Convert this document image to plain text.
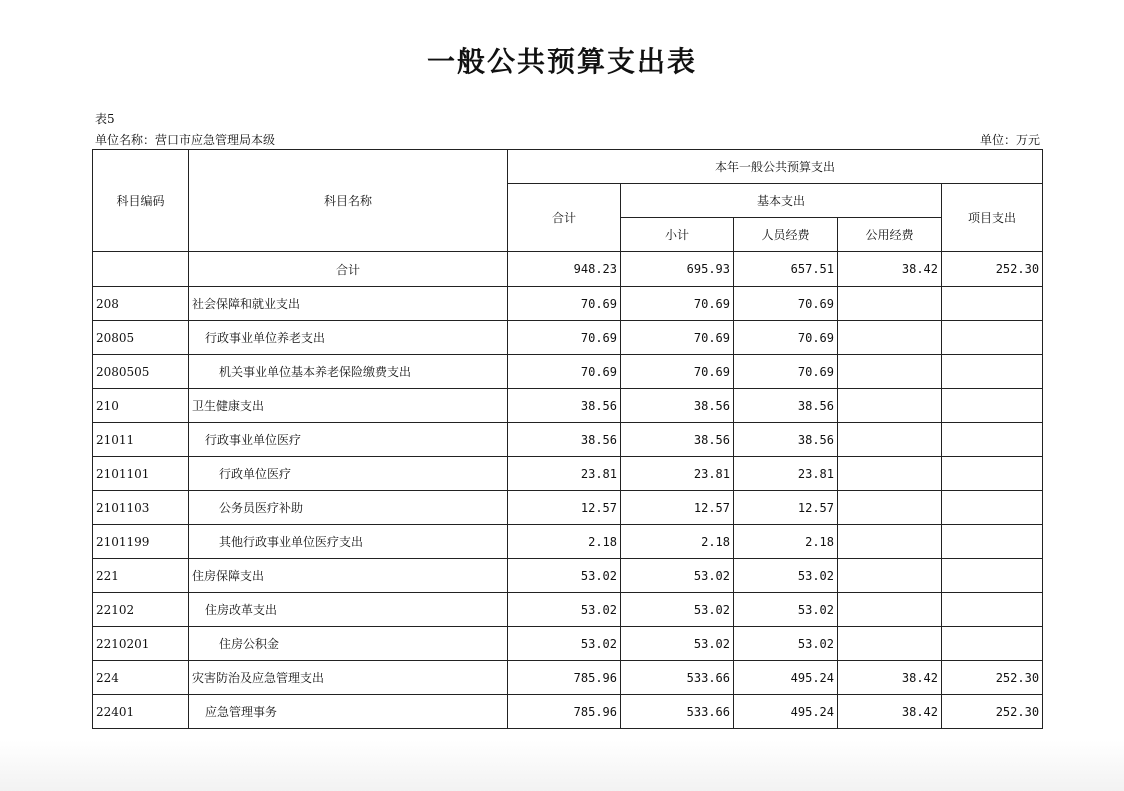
一般公共预算支出表
表5
单位名称：营口市应急管理局本级	单位：万元
科目编码	科目名称	本年一般公共预算支出				
		合计	基本支出			项目支出
			小计	人员经费	公用经费	
	合计	948.23	695.93	657.51	38.42	252.30
208	社会保障和就业支出	70.69	70.69	70.69		
20805	行政事业单位养老支出	70.69	70.69	70.69		
2080505	机关事业单位基本养老保险缴费支出	70.69	70.69	70.69		
210	卫生健康支出	38.56	38.56	38.56		
21011	行政事业单位医疗	38.56	38.56	38.56		
2101101	行政单位医疗	23.81	23.81	23.81		
2101103	公务员医疗补助	12.57	12.57	12.57		
2101199	其他行政事业单位医疗支出	2.18	2.18	2.18		
221	住房保障支出	53.02	53.02	53.02		
22102	住房改革支出	53.02	53.02	53.02		
2210201	住房公积金	53.02	53.02	53.02		
224	灾害防治及应急管理支出	785.96	533.66	495.24	38.42	252.30
22401	应急管理事务	785.96	533.66	495.24	38.42	252.30
